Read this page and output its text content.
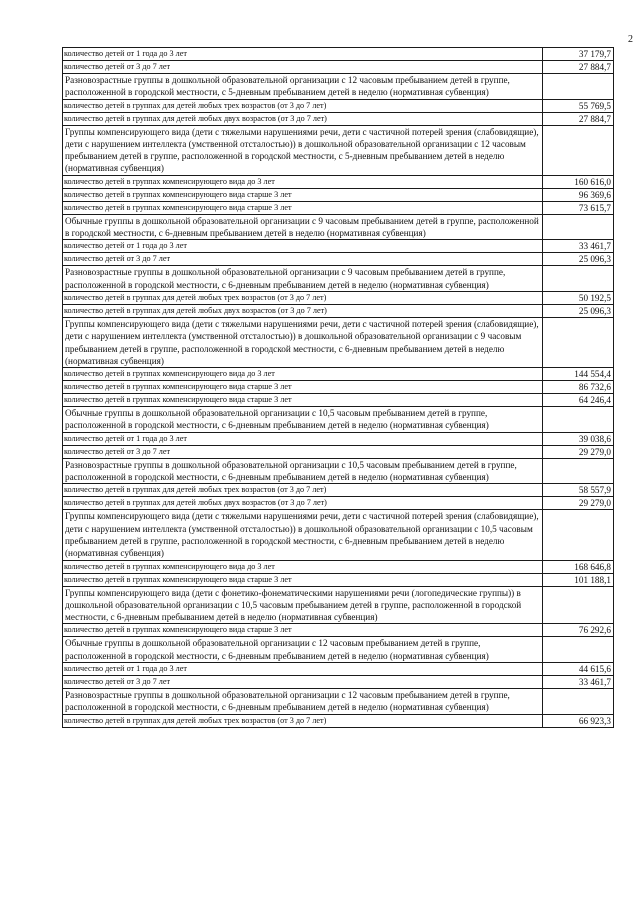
2
количество детей от 1 года до 3 лет	37 179,7
количество детей от 3 до 7 лет	27 884,7
Разновозрастные группы в дошкольной образовательной организации с 12 часовым пребыванием детей в группе, расположенной в городской местности, с 5-дневным пребыванием детей в неделю (нормативная субвенция)	
количество детей в группах для детей любых трех возрастов (от 3 до 7 лет)	55 769,5
количество детей в группах для детей любых двух возрастов (от 3 до 7 лет)	27 884,7
Группы компенсирующего вида (дети с тяжелыми нарушениями речи, дети с частичной потерей зрения (слабовидящие), дети с нарушением интеллекта (умственной отсталостью)) в дошкольной образовательной организации с 12 часовым пребыванием детей в группе, расположенной в городской местности, с 5-дневным пребыванием детей в неделю (нормативная субвенция)	
количество детей в группах компенсирующего вида до 3 лет	160 616,0
количество детей в группах компенсирующего вида старше 3 лет	96 369,6
количество детей в группах компенсирующего вида старше 3 лет	73 615,7
Обычные группы в дошкольной образовательной организации с 9 часовым пребыванием детей в группе, расположенной в городской местности, с 6-дневным пребыванием детей в неделю (нормативная субвенция)	
количество детей от 1 года до 3 лет	33 461,7
количество детей от 3 до 7 лет	25 096,3
Разновозрастные группы в дошкольной образовательной организации с 9 часовым пребыванием детей в группе, расположенной в городской местности, с 6-дневным пребыванием детей в неделю (нормативная субвенция)	
количество детей в группах для детей любых трех возрастов (от 3 до 7 лет)	50 192,5
количество детей в группах для детей любых двух возрастов (от 3 до 7 лет)	25 096,3
Группы компенсирующего вида (дети с тяжелыми нарушениями речи, дети с частичной потерей зрения (слабовидящие), дети с нарушением интеллекта (умственной отсталостью)) в дошкольной образовательной организации с 9 часовым пребыванием детей в группе, расположенной в городской местности, с 6-дневным пребыванием детей в неделю (нормативная субвенция)	
количество детей в группах компенсирующего вида до 3 лет	144 554,4
количество детей в группах компенсирующего вида старше 3 лет	86 732,6
количество детей в группах компенсирующего вида старше 3 лет	64 246,4
Обычные группы в дошкольной образовательной организации с 10,5 часовым пребыванием детей в группе, расположенной в городской местности, с 6-дневным пребыванием детей в неделю (нормативная субвенция)	
количество детей от 1 года до 3 лет	39 038,6
количество детей от 3 до 7 лет	29 279,0
Разновозрастные группы в дошкольной образовательной организации с 10,5 часовым пребыванием детей в группе, расположенной в городской местности, с 6-дневным пребыванием детей в неделю (нормативная субвенция)	
количество детей в группах для детей любых трех возрастов (от 3 до 7 лет)	58 557,9
количество детей в группах для детей любых двух возрастов (от 3 до 7 лет)	29 279,0
Группы компенсирующего вида (дети с тяжелыми нарушениями речи, дети с частичной потерей зрения (слабовидящие), дети с нарушением интеллекта (умственной отсталостью)) в дошкольной образовательной организации с 10,5 часовым пребыванием детей в группе, расположенной в городской местности, с 6-дневным пребыванием детей в неделю (нормативная субвенция)	
количество детей в группах компенсирующего вида до 3 лет	168 646,8
количество детей в группах компенсирующего вида старше 3 лет	101 188,1
Группы компенсирующего вида (дети с фонетико-фонематическими нарушениями речи (логопедические группы)) в дошкольной образовательной организации с 10,5 часовым пребыванием детей в группе, расположенной в городской местности, с 6-дневным пребыванием детей в неделю (нормативная субвенция)	
количество детей в группах компенсирующего вида старше 3 лет	76 292,6
Обычные группы в дошкольной образовательной организации с 12 часовым пребыванием детей в группе, расположенной в городской местности, с 6-дневным пребыванием детей в неделю (нормативная субвенция)	
количество детей от 1 года до 3 лет	44 615,6
количество детей от 3 до 7 лет	33 461,7
Разновозрастные группы в дошкольной образовательной организации с 12 часовым пребыванием детей в группе, расположенной в городской местности, с 6-дневным пребыванием детей в неделю (нормативная субвенция)	
количество детей в группах для детей любых трех возрастов (от 3 до 7 лет)	66 923,3
